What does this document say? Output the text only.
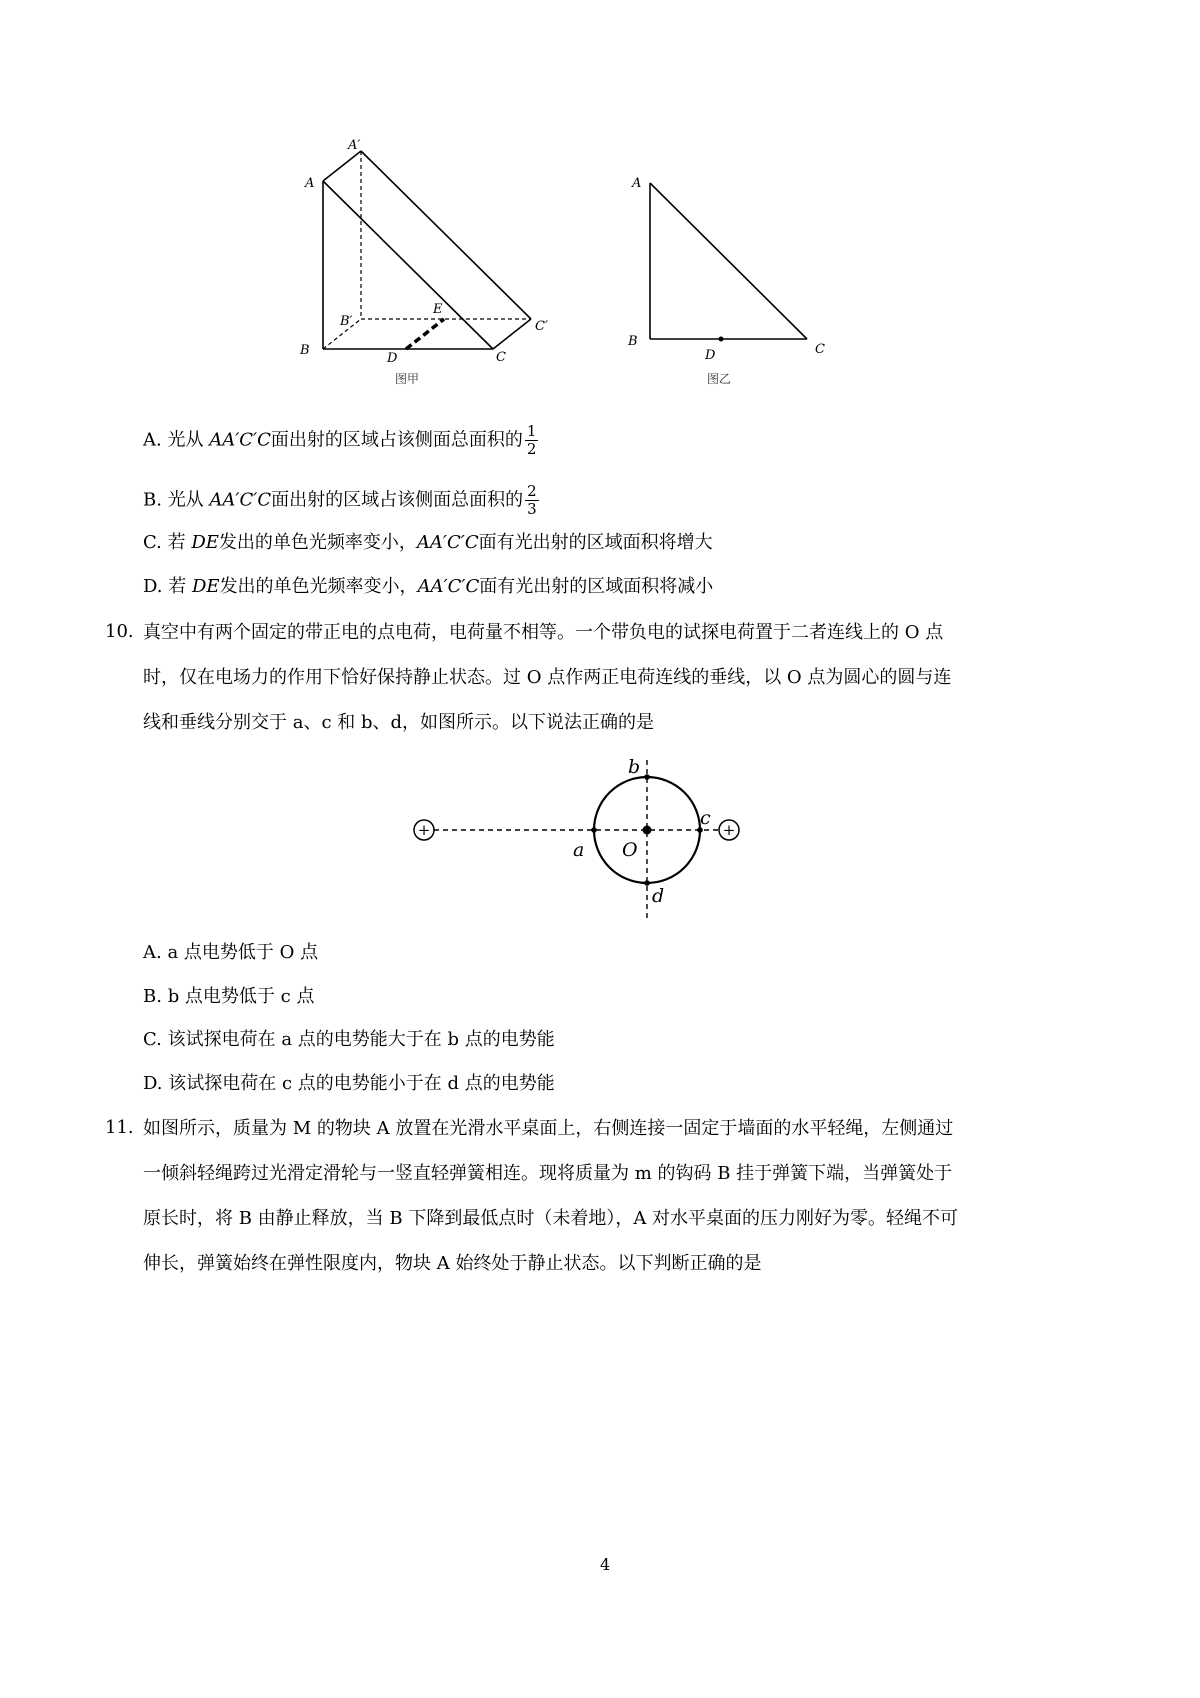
A
A′
B
B′
C
C′
D
E
A
B
D	C
图甲	图乙
A. 光从 AA′C′C面出射的区域占该侧面总面积的 $\frac{1}{2}$
B. 光从 AA′C′C面出射的区域占该侧面总面积的 $\frac{2}{3}$
C. 若 DE发出的单色光频率变小，AA′C′C面有光出射的区域面积将增大
D. 若 DE发出的单色光频率变小，AA′C′C面有光出射的区域面积将减小
10. 真空中有两个固定的带正电的点电荷，电荷量不相等。一个带负电的试探电荷置于二者连线上的 O 点
时，仅在电场力的作用下恰好保持静止状态。过 O 点作两正电荷连线的垂线，以 O 点为圆心的圆与连
线和垂线分别交于 a、c 和 b、d，如图所示。以下说法正确的是
+	+
a
b
c
d
O
A. a 点电势低于 O 点
B. b 点电势低于 c 点
C. 该试探电荷在 a 点的电势能大于在 b 点的电势能
D. 该试探电荷在 c 点的电势能小于在 d 点的电势能
11. 如图所示，质量为 M 的物块 A 放置在光滑水平桌面上，右侧连接一固定于墙面的水平轻绳，左侧通过
一倾斜轻绳跨过光滑定滑轮与一竖直轻弹簧相连。现将质量为 m 的钩码 B 挂于弹簧下端，当弹簧处于
原长时，将 B 由静止释放，当 B 下降到最低点时（未着地），A 对水平桌面的压力刚好为零。轻绳不可
伸长，弹簧始终在弹性限度内，物块 A 始终处于静止状态。以下判断正确的是
4
